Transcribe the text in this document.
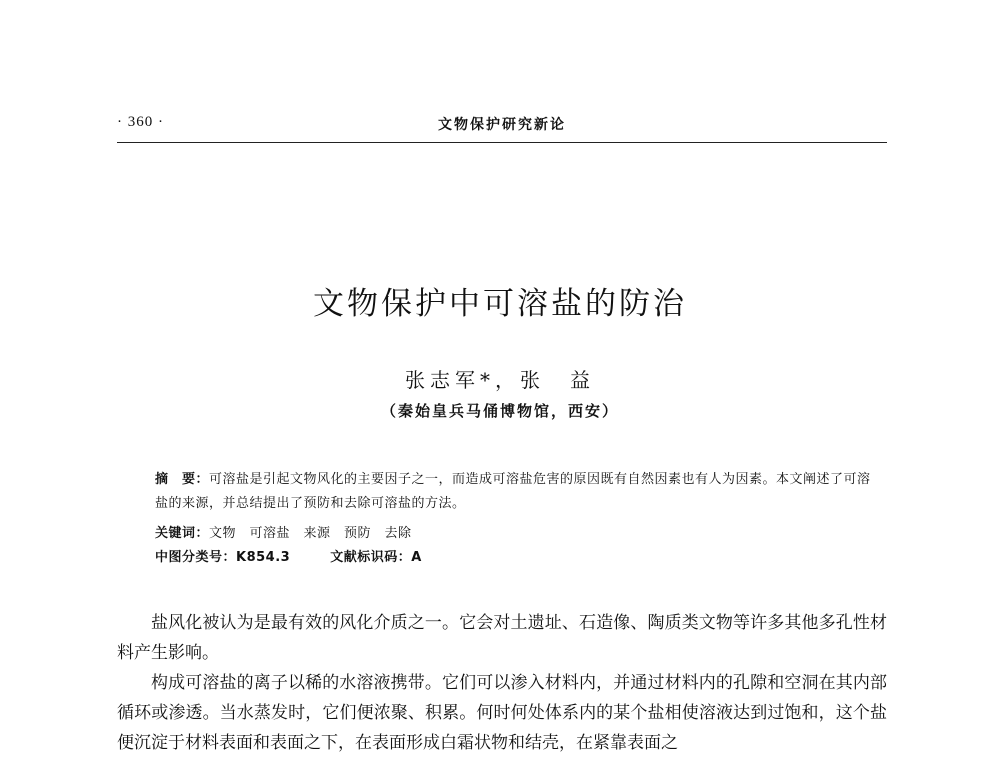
· 360 ·	文物保护研究新论
文物保护中可溶盐的防治
张志军*，张　益
（秦始皇兵马俑博物馆，西安）
摘　要：可溶盐是引起文物风化的主要因子之一，而造成可溶盐危害的原因既有自然因素也有人为因素。本文阐述了可溶盐的来源，并总结提出了预防和去除可溶盐的方法。
关键词：文物　可溶盐　来源　预防　去除
中图分类号：K854.3	文献标识码：A

盐风化被认为是最有效的风化介质之一。它会对土遗址、石造像、陶质类文物等许多其他多孔性材料产生影响。

构成可溶盐的离子以稀的水溶液携带。它们可以渗入材料内，并通过材料内的孔隙和空洞在其内部循环或渗透。当水蒸发时，它们便浓聚、积累。何时何处体系内的某个盐相使溶液达到过饱和，这个盐便沉淀于材料表面和表面之下，在表面形成白霜状物和结壳，在紧靠表面之
